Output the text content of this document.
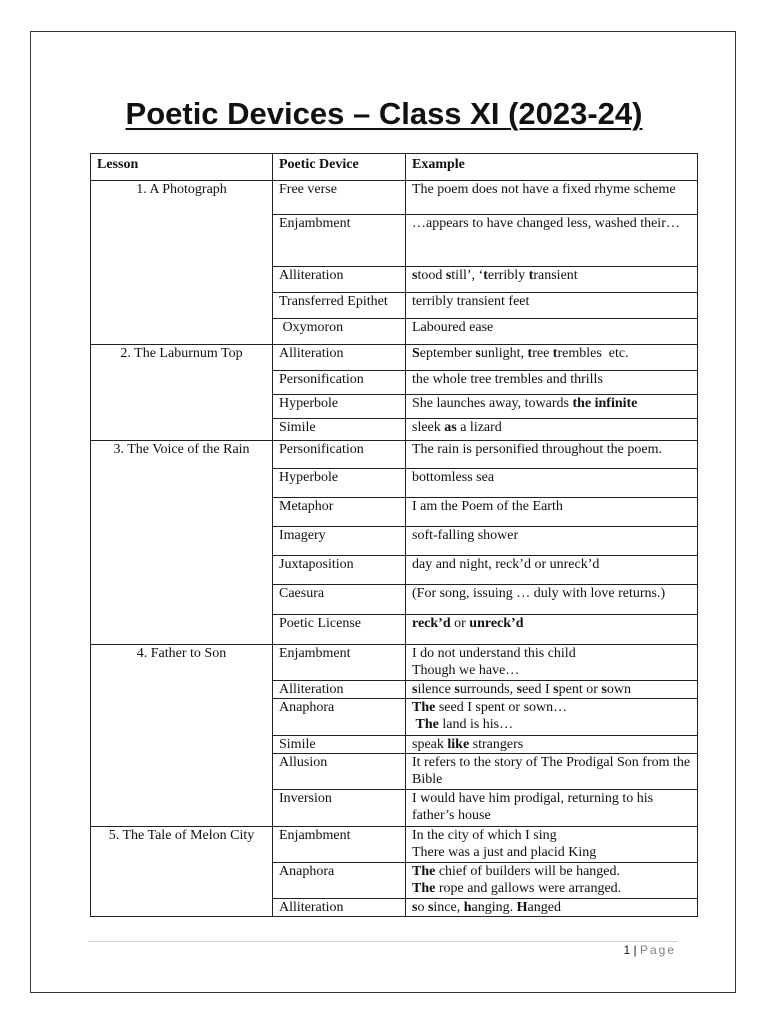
Poetic Devices – Class XI (2023-24)
Lesson	Poetic Device	Example
1. A Photograph	Free verse	The poem does not have a fixed rhyme scheme
	Enjambment	…appears to have changed less, washed their…
	Alliteration	stood still’, ‘terribly transient
	Transferred Epithet	terribly transient feet
	Oxymoron	Laboured ease
2. The Laburnum Top	Alliteration	September sunlight, tree trembles  etc.
	Personification	the whole tree trembles and thrills
	Hyperbole	She launches away, towards the infinite
	Simile	sleek as a lizard
3. The Voice of the Rain	Personification	The rain is personified throughout the poem.
	Hyperbole	bottomless sea
	Metaphor	I am the Poem of the Earth
	Imagery	soft-falling shower
	Juxtaposition	day and night, reck’d or unreck’d
	Caesura	(For song, issuing … duly with love returns.)
	Poetic License	reck’d or unreck’d
4. Father to Son	Enjambment	I do not understand this child
Though we have…
	Alliteration	silence surrounds, seed I spent or sown
	Anaphora	The seed I spent or sown…
The land is his…
	Simile	speak like strangers
	Allusion	It refers to the story of The Prodigal Son from the Bible
	Inversion	I would have him prodigal, returning to his father’s house
5. The Tale of Melon City	Enjambment	In the city of which I sing
There was a just and placid King
	Anaphora	The chief of builders will be hanged.
The rope and gallows were arranged.
	Alliteration	so since, hanging. Hanged
1 | Page
